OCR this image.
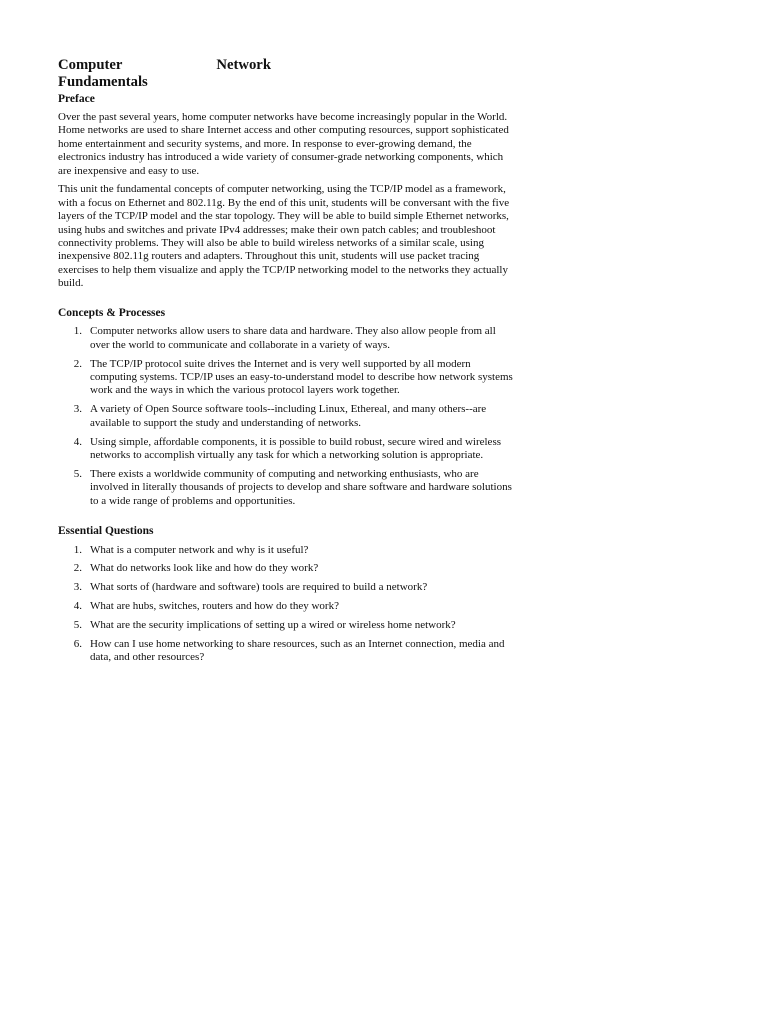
Computer Network Fundamentals
Preface

Over the past several years, home computer networks have become increasingly popular in the World. Home networks are used to share Internet access and other computing resources, support sophisticated home entertainment and security systems, and more. In response to ever-growing demand, the electronics industry has introduced a wide variety of consumer-grade networking components, which are inexpensive and easy to use.

This unit the fundamental concepts of computer networking, using the TCP/IP model as a framework, with a focus on Ethernet and 802.11g. By the end of this unit, students will be conversant with the five layers of the TCP/IP model and the star topology. They will be able to build simple Ethernet networks, using hubs and switches and private IPv4 addresses; make their own patch cables; and troubleshoot connectivity problems. They will also be able to build wireless networks of a similar scale, using inexpensive 802.11g routers and adapters. Throughout this unit, students will use packet tracing exercises to help them visualize and apply the TCP/IP networking model to the networks they actually build.

Concepts & Processes
1. Computer networks allow users to share data and hardware. They also allow people from all over the world to communicate and collaborate in a variety of ways.
2. The TCP/IP protocol suite drives the Internet and is very well supported by all modern computing systems. TCP/IP uses an easy-to-understand model to describe how network systems work and the ways in which the various protocol layers work together.
3. A variety of Open Source software tools--including Linux, Ethereal, and many others--are available to support the study and understanding of networks.
4. Using simple, affordable components, it is possible to build robust, secure wired and wireless networks to accomplish virtually any task for which a networking solution is appropriate.
5. There exists a worldwide community of computing and networking enthusiasts, who are involved in literally thousands of projects to develop and share software and hardware solutions to a wide range of problems and opportunities.
Essential Questions
1. What is a computer network and why is it useful?
2. What do networks look like and how do they work?
3. What sorts of (hardware and software) tools are required to build a network?
4. What are hubs, switches, routers and how do they work?
5. What are the security implications of setting up a wired or wireless home network?
6. How can I use home networking to share resources, such as an Internet connection, media and data, and other resources?
